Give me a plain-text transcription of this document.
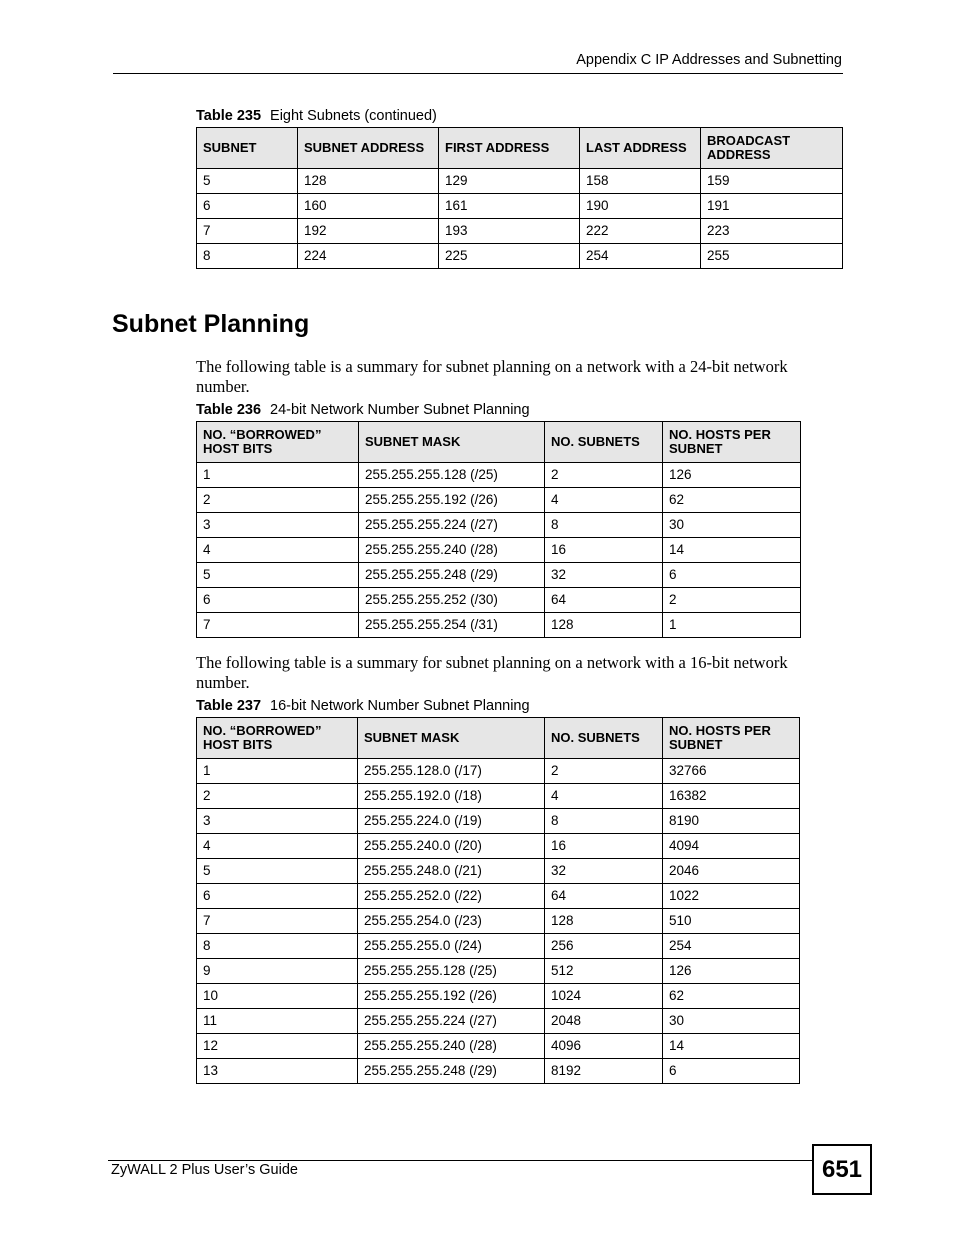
Appendix C IP Addresses and Subnetting
Table 235 Eight Subnets (continued)
SUBNET	SUBNET ADDRESS	FIRST ADDRESS	LAST ADDRESS	BROADCAST ADDRESS
5	128	129	158	159
6	160	161	190	191
7	192	193	222	223
8	224	225	254	255
Subnet Planning
The following table is a summary for subnet planning on a network with a 24-bit network number.
Table 236 24-bit Network Number Subnet Planning
NO. “BORROWED” HOST BITS	SUBNET MASK	NO. SUBNETS	NO. HOSTS PER SUBNET
1	255.255.255.128 (/25)	2	126
2	255.255.255.192 (/26)	4	62
3	255.255.255.224 (/27)	8	30
4	255.255.255.240 (/28)	16	14
5	255.255.255.248 (/29)	32	6
6	255.255.255.252 (/30)	64	2
7	255.255.255.254 (/31)	128	1
The following table is a summary for subnet planning on a network with a 16-bit network number.
Table 237 16-bit Network Number Subnet Planning
NO. “BORROWED” HOST BITS	SUBNET MASK	NO. SUBNETS	NO. HOSTS PER SUBNET
1	255.255.128.0 (/17)	2	32766
2	255.255.192.0 (/18)	4	16382
3	255.255.224.0 (/19)	8	8190
4	255.255.240.0 (/20)	16	4094
5	255.255.248.0 (/21)	32	2046
6	255.255.252.0 (/22)	64	1022
7	255.255.254.0 (/23)	128	510
8	255.255.255.0 (/24)	256	254
9	255.255.255.128 (/25)	512	126
10	255.255.255.192 (/26)	1024	62
11	255.255.255.224 (/27)	2048	30
12	255.255.255.240 (/28)	4096	14
13	255.255.255.248 (/29)	8192	6
ZyWALL 2 Plus User’s Guide	651
